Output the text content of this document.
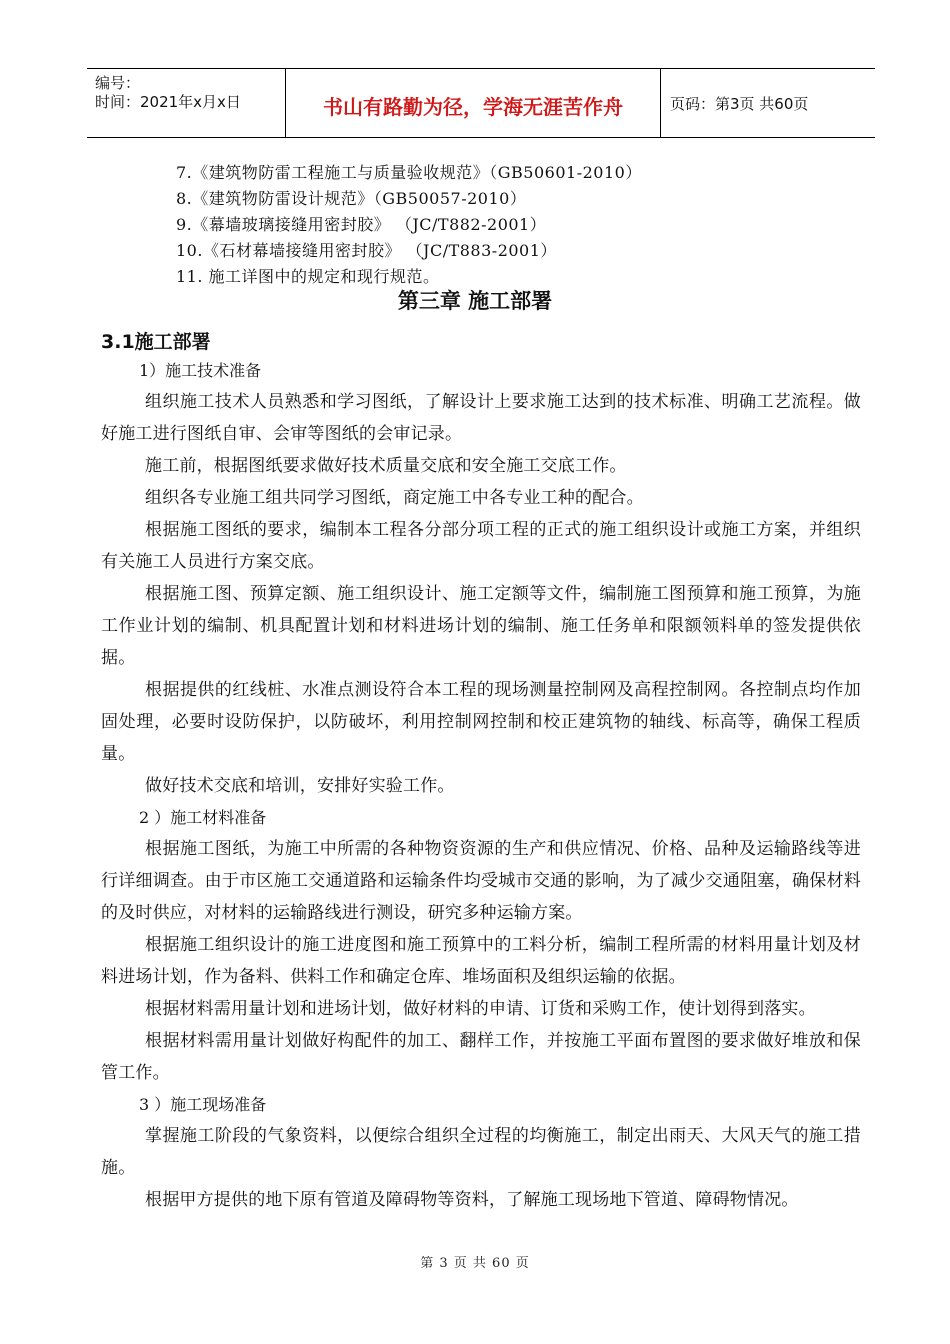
编号：
时间：2021年x月x日	书山有路勤为径，学海无涯苦作舟	页码：第3页 共60页
7.《建筑物防雷工程施工与质量验收规范》（GB50601-2010）
8.《建筑物防雷设计规范》（GB50057-2010）
9.《幕墙玻璃接缝用密封胶》 （JC/T882-2001）
10.《石材幕墙接缝用密封胶》 （JC/T883-2001）
11. 施工详图中的规定和现行规范。
第三章 施工部署
3.1施工部署
1）施工技术准备
组织施工技术人员熟悉和学习图纸，了解设计上要求施工达到的技术标准、明确工艺流程。做好施工进行图纸自审、会审等图纸的会审记录。
施工前，根据图纸要求做好技术质量交底和安全施工交底工作。
组织各专业施工组共同学习图纸，商定施工中各专业工种的配合。
根据施工图纸的要求，编制本工程各分部分项工程的正式的施工组织设计或施工方案，并组织有关施工人员进行方案交底。
根据施工图、预算定额、施工组织设计、施工定额等文件，编制施工图预算和施工预算，为施工作业计划的编制、机具配置计划和材料进场计划的编制、施工任务单和限额领料单的签发提供依据。
根据提供的红线桩、水准点测设符合本工程的现场测量控制网及高程控制网。各控制点均作加固处理，必要时设防保护，以防破坏，利用控制网控制和校正建筑物的轴线、标高等，确保工程质量。
做好技术交底和培训，安排好实验工作。
2 ）施工材料准备
根据施工图纸，为施工中所需的各种物资资源的生产和供应情况、价格、品种及运输路线等进行详细调查。由于市区施工交通道路和运输条件均受城市交通的影响，为了减少交通阻塞，确保材料的及时供应，对材料的运输路线进行测设，研究多种运输方案。
根据施工组织设计的施工进度图和施工预算中的工料分析，编制工程所需的材料用量计划及材料进场计划，作为备料、供料工作和确定仓库、堆场面积及组织运输的依据。
根据材料需用量计划和进场计划，做好材料的申请、订货和采购工作，使计划得到落实。
根据材料需用量计划做好构配件的加工、翻样工作，并按施工平面布置图的要求做好堆放和保管工作。
3 ）施工现场准备
掌握施工阶段的气象资料，以便综合组织全过程的均衡施工，制定出雨天、大风天气的施工措施。
根据甲方提供的地下原有管道及障碍物等资料，了解施工现场地下管道、障碍物情况。
第 3 页 共 60 页
